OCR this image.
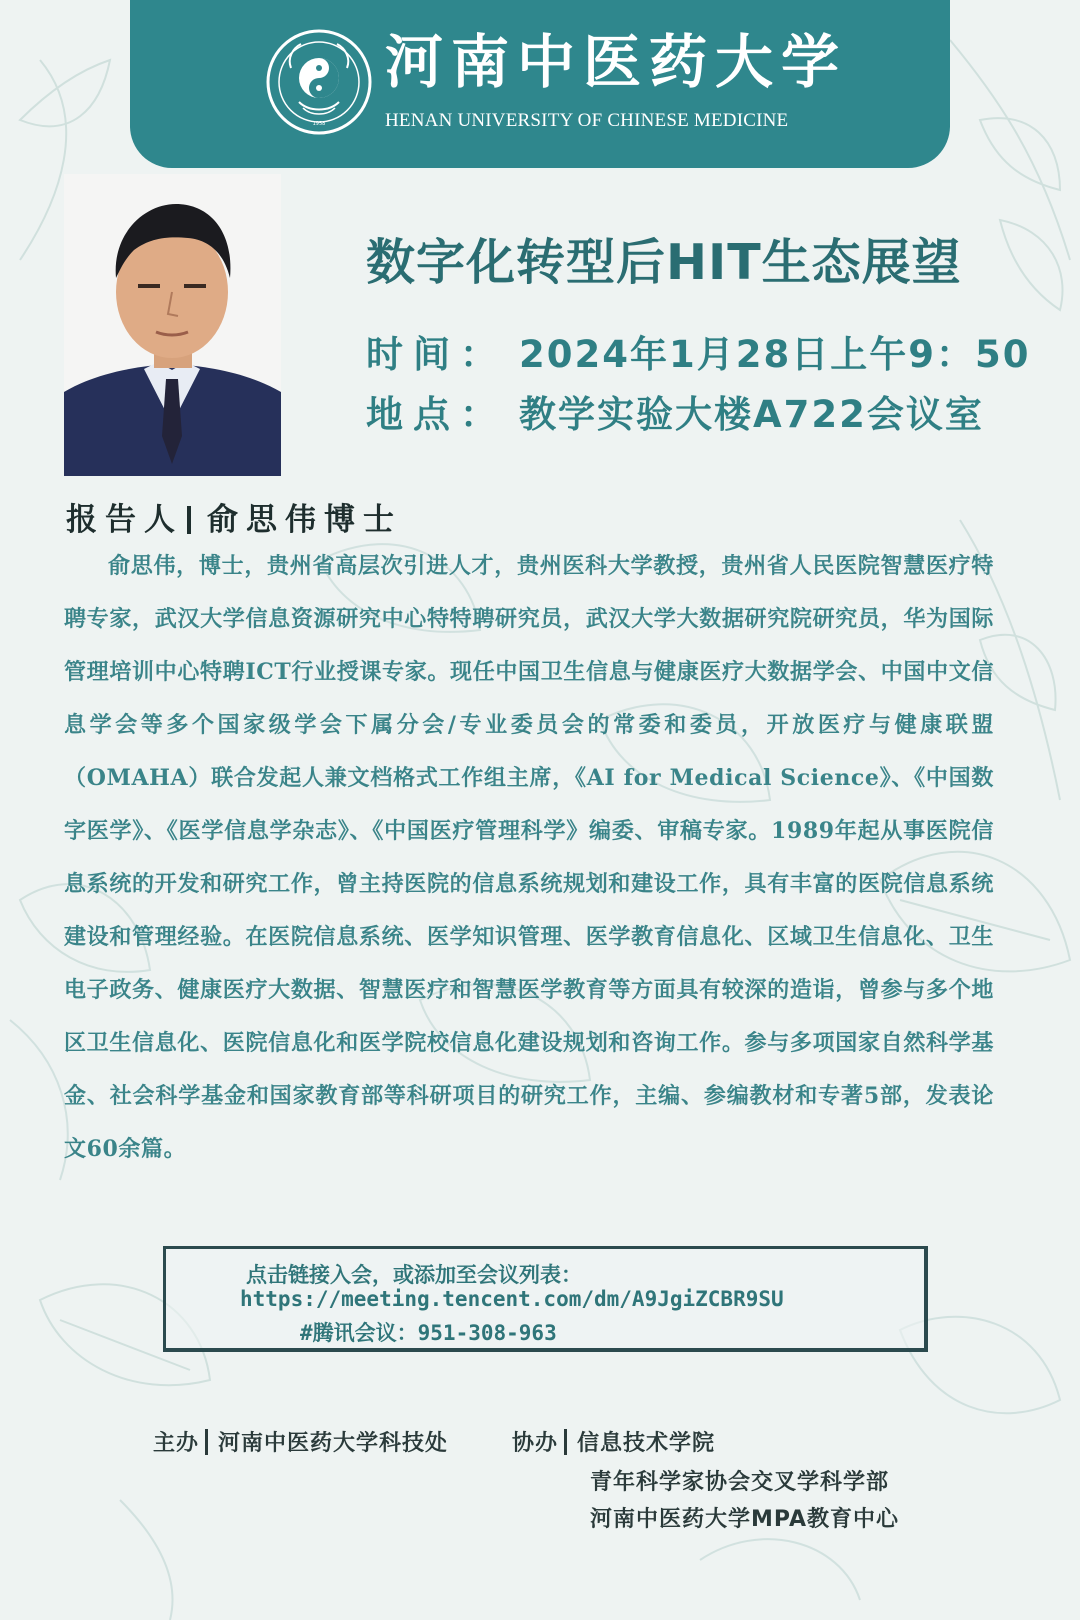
1958
河南中医药大学
HENAN UNIVERSITY OF CHINESE MEDICINE
数字化转型后HIT生态展望
时间： 2024年1月28日上午9：50
地点： 教学实验大楼A722会议室
报告人 俞思伟博士
俞思伟，博士，贵州省高层次引进人才，贵州医科大学教授，贵州省人民医院智慧医疗特聘专家，武汉大学信息资源研究中心特特聘研究员，武汉大学大数据研究院研究员，华为国际管理培训中心特聘ICT行业授课专家。现任中国卫生信息与健康医疗大数据学会、中国中文信息学会等多个国家级学会下属分会/专业委员会的常委和委员，开放医疗与健康联盟（OMAHA）联合发起人兼文档格式工作组主席，《AI for Medical Science》、《中国数字医学》、《医学信息学杂志》、《中国医疗管理科学》编委、审稿专家。1989年起从事医院信息系统的开发和研究工作，曾主持医院的信息系统规划和建设工作，具有丰富的医院信息系统建设和管理经验。在医院信息系统、医学知识管理、医学教育信息化、区域卫生信息化、卫生电子政务、健康医疗大数据、智慧医疗和智慧医学教育等方面具有较深的造诣，曾参与多个地区卫生信息化、医院信息化和医学院校信息化建设规划和咨询工作。参与多项国家自然科学基金、社会科学基金和国家教育部等科研项目的研究工作，主编、参编教材和专著5部，发表论文60余篇。
点击链接入会，或添加至会议列表：
https://meeting.tencent.com/dm/A9JgiZCBR9SU
#腾讯会议：951-308-963
主办 河南中医药大学科技处	协办 信息技术学院
青年科学家协会交叉学科学部
河南中医药大学MPA教育中心
